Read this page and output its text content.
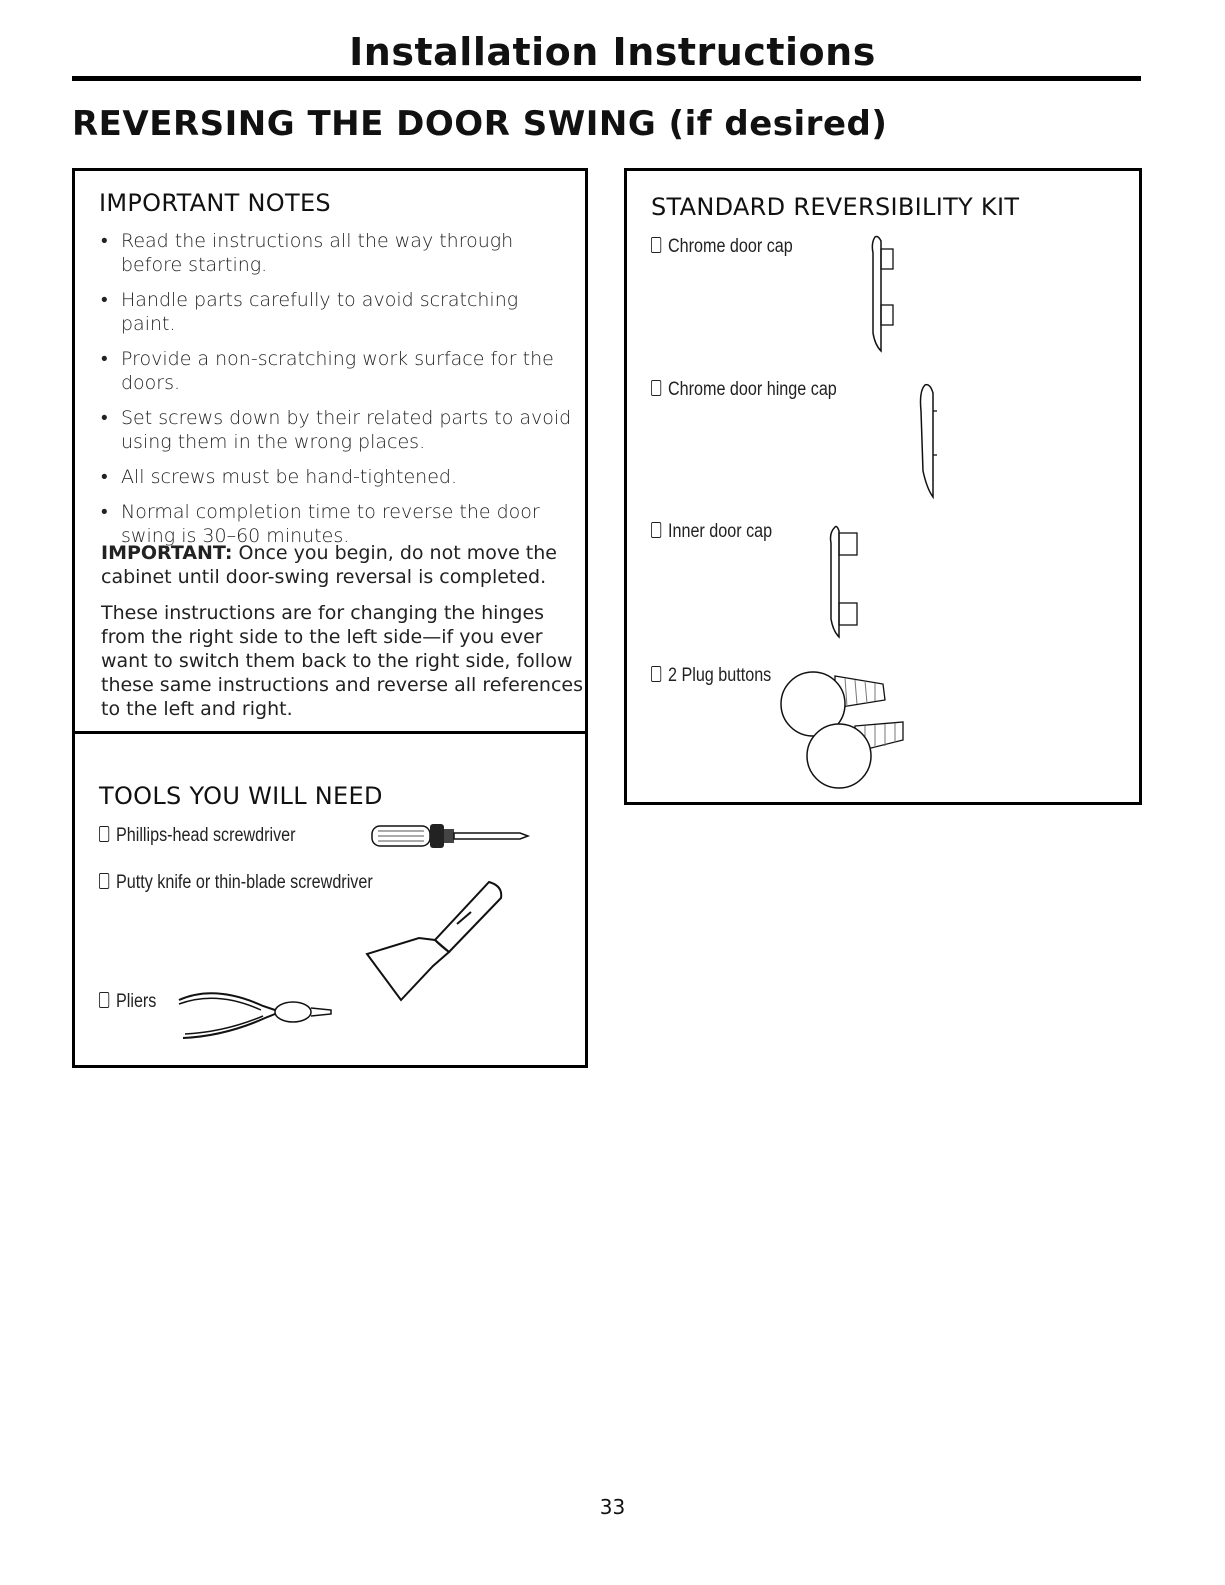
Installation Instructions
REVERSING THE DOOR SWING (if desired)
IMPORTANT NOTES
• Read the instructions all the way through before starting.
• Handle parts carefully to avoid scratching paint.
• Provide a non-scratching work surface for the doors.
• Set screws down by their related parts to avoid using them in the wrong places.
• All screws must be hand-tightened.
• Normal completion time to reverse the door swing is 30–60 minutes.
IMPORTANT: Once you begin, do not move the cabinet until door-swing reversal is completed.
These instructions are for changing the hinges from the right side to the left side—if you ever want to switch them back to the right side, follow these same instructions and reverse all references to the left and right.
TOOLS YOU WILL NEED
Phillips-head screwdriver
Putty knife or thin-blade screwdriver
Pliers
STANDARD REVERSIBILITY KIT
Chrome door cap
Chrome door hinge cap
Inner door cap
2 Plug buttons
33
